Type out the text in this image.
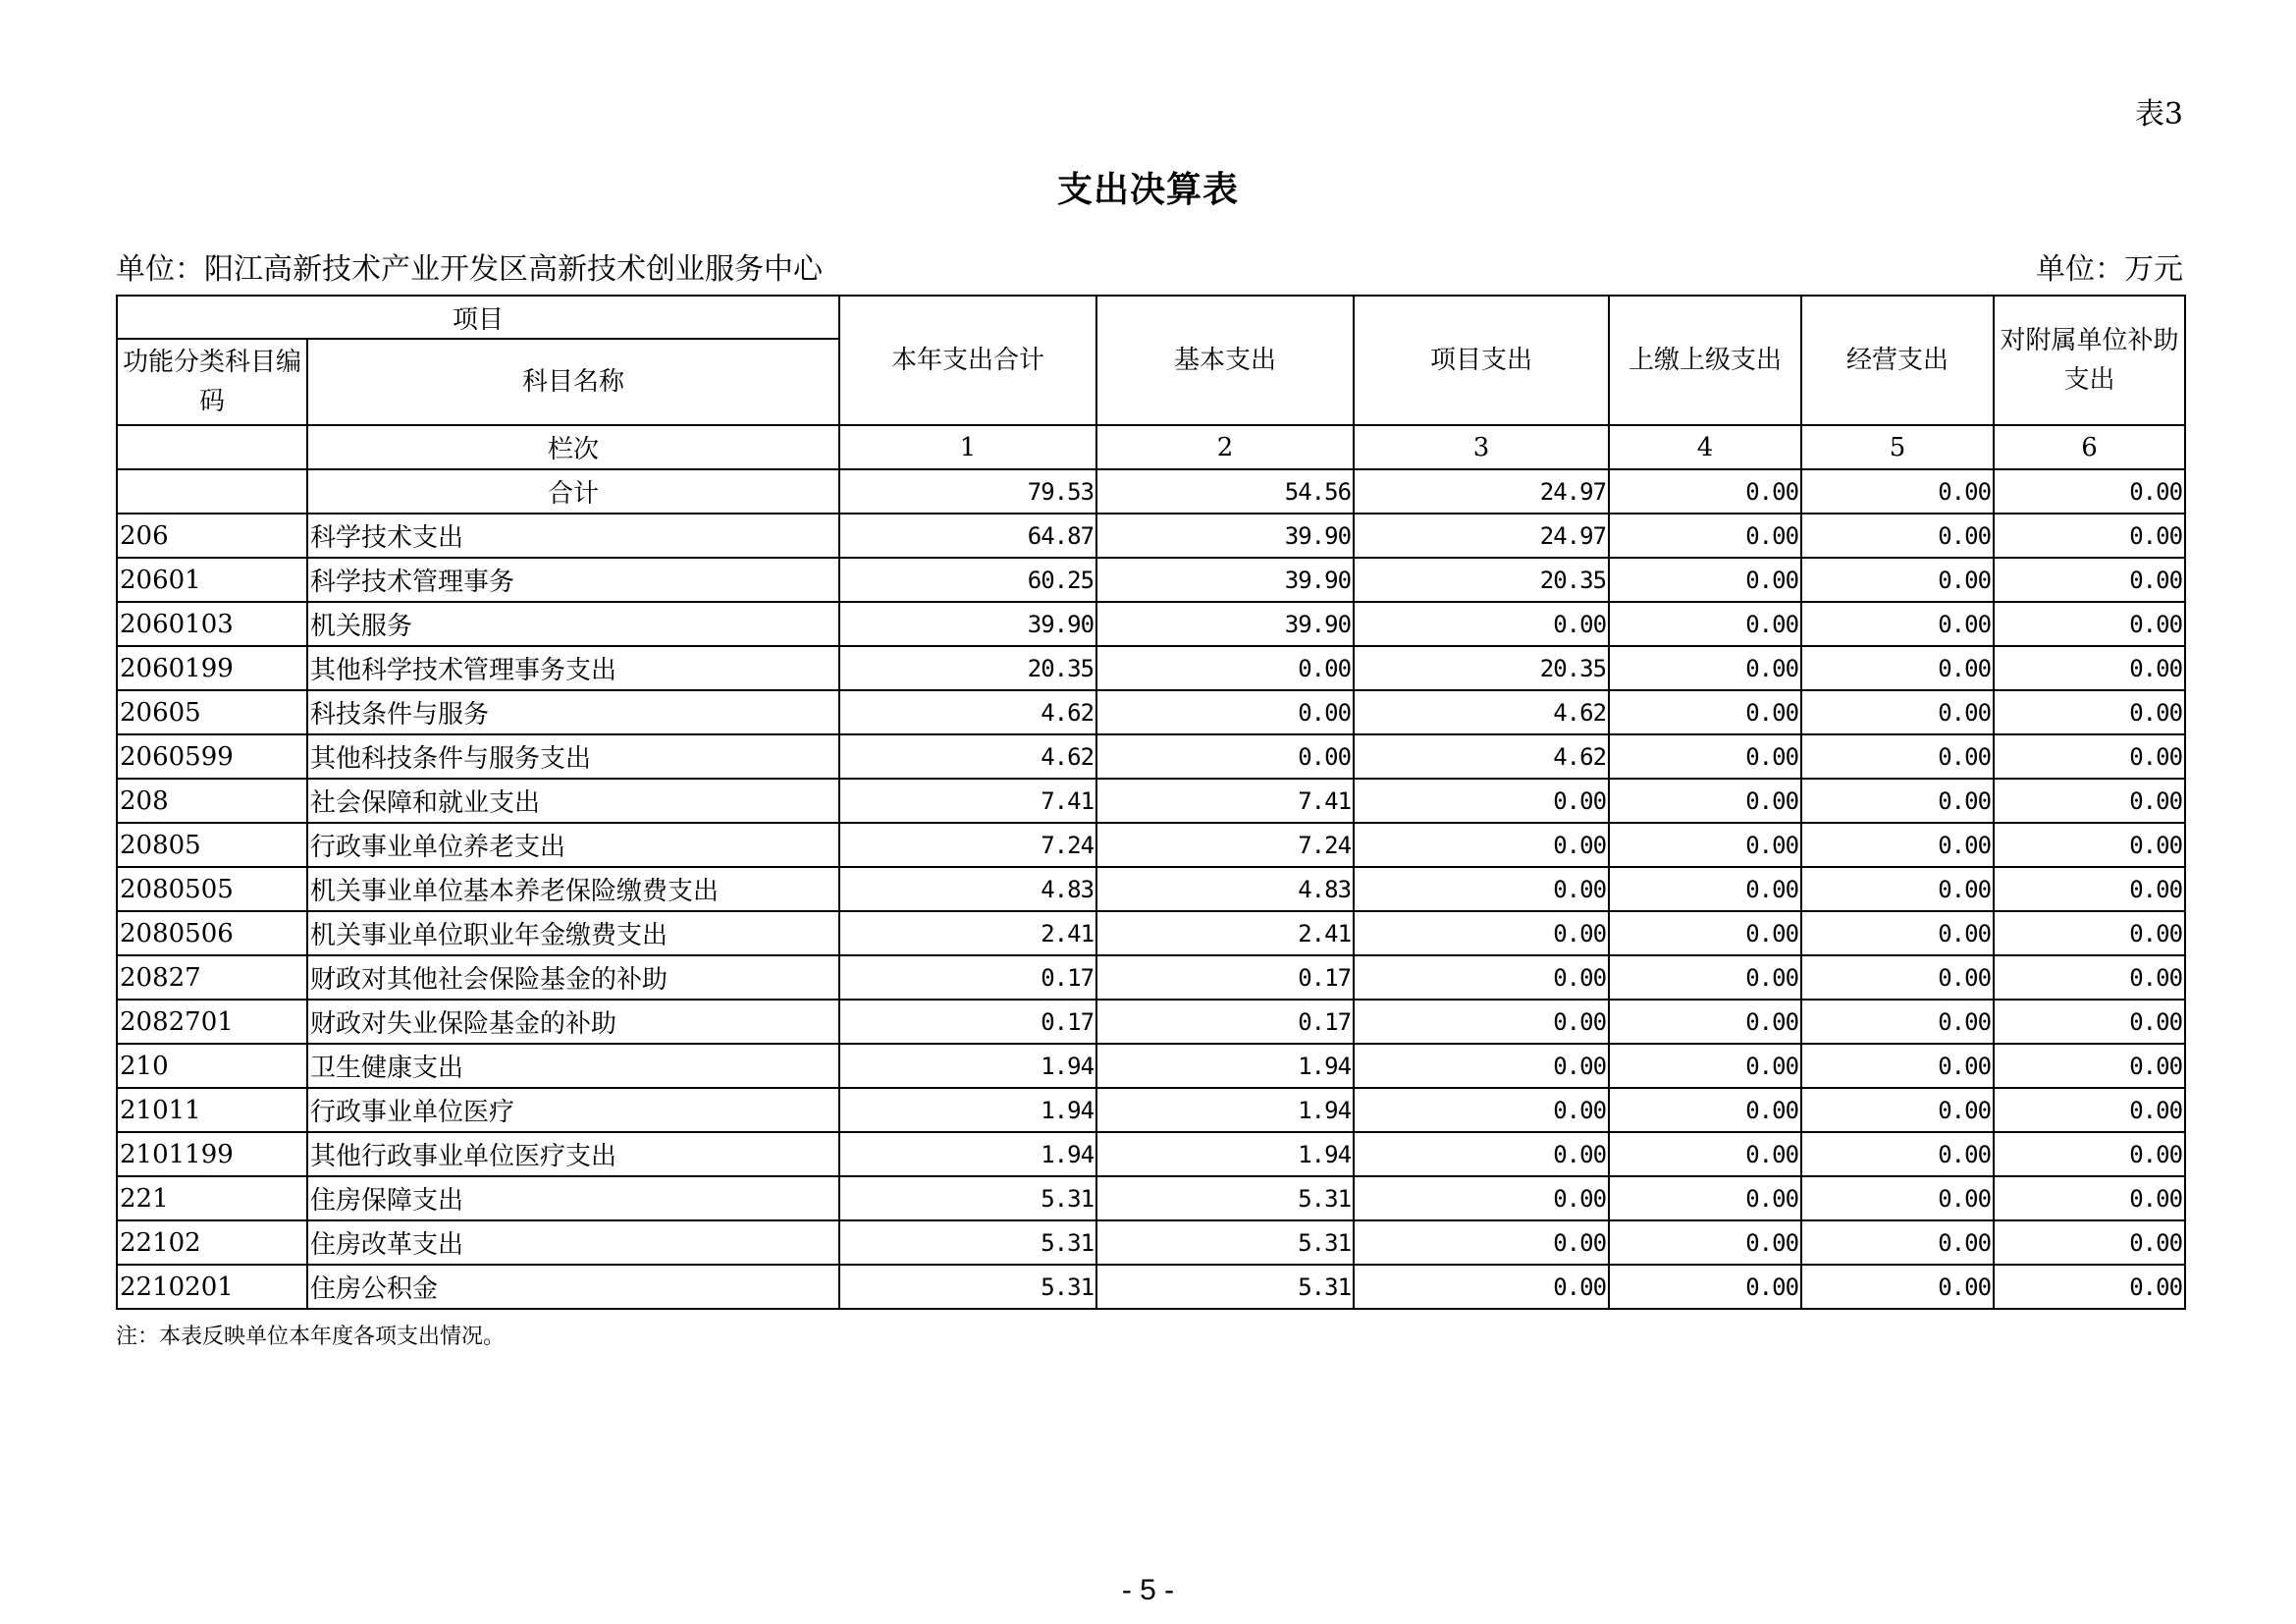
表3
支出决算表
单位：阳江高新技术产业开发区高新技术创业服务中心	单位：万元
项目		本年支出合计	基本支出	项目支出	上缴上级支出	经营支出	对附属单位补助支出
功能分类科目编码	科目名称						
	栏次	1	2	3	4	5	6
	合计	79.53	54.56	24.97	0.00	0.00	0.00
206	科学技术支出	64.87	39.90	24.97	0.00	0.00	0.00
20601	科学技术管理事务	60.25	39.90	20.35	0.00	0.00	0.00
2060103	机关服务	39.90	39.90	0.00	0.00	0.00	0.00
2060199	其他科学技术管理事务支出	20.35	0.00	20.35	0.00	0.00	0.00
20605	科技条件与服务	4.62	0.00	4.62	0.00	0.00	0.00
2060599	其他科技条件与服务支出	4.62	0.00	4.62	0.00	0.00	0.00
208	社会保障和就业支出	7.41	7.41	0.00	0.00	0.00	0.00
20805	行政事业单位养老支出	7.24	7.24	0.00	0.00	0.00	0.00
2080505	机关事业单位基本养老保险缴费支出	4.83	4.83	0.00	0.00	0.00	0.00
2080506	机关事业单位职业年金缴费支出	2.41	2.41	0.00	0.00	0.00	0.00
20827	财政对其他社会保险基金的补助	0.17	0.17	0.00	0.00	0.00	0.00
2082701	财政对失业保险基金的补助	0.17	0.17	0.00	0.00	0.00	0.00
210	卫生健康支出	1.94	1.94	0.00	0.00	0.00	0.00
21011	行政事业单位医疗	1.94	1.94	0.00	0.00	0.00	0.00
2101199	其他行政事业单位医疗支出	1.94	1.94	0.00	0.00	0.00	0.00
221	住房保障支出	5.31	5.31	0.00	0.00	0.00	0.00
22102	住房改革支出	5.31	5.31	0.00	0.00	0.00	0.00
2210201	住房公积金	5.31	5.31	0.00	0.00	0.00	0.00
注：本表反映单位本年度各项支出情况。
- 5 -
